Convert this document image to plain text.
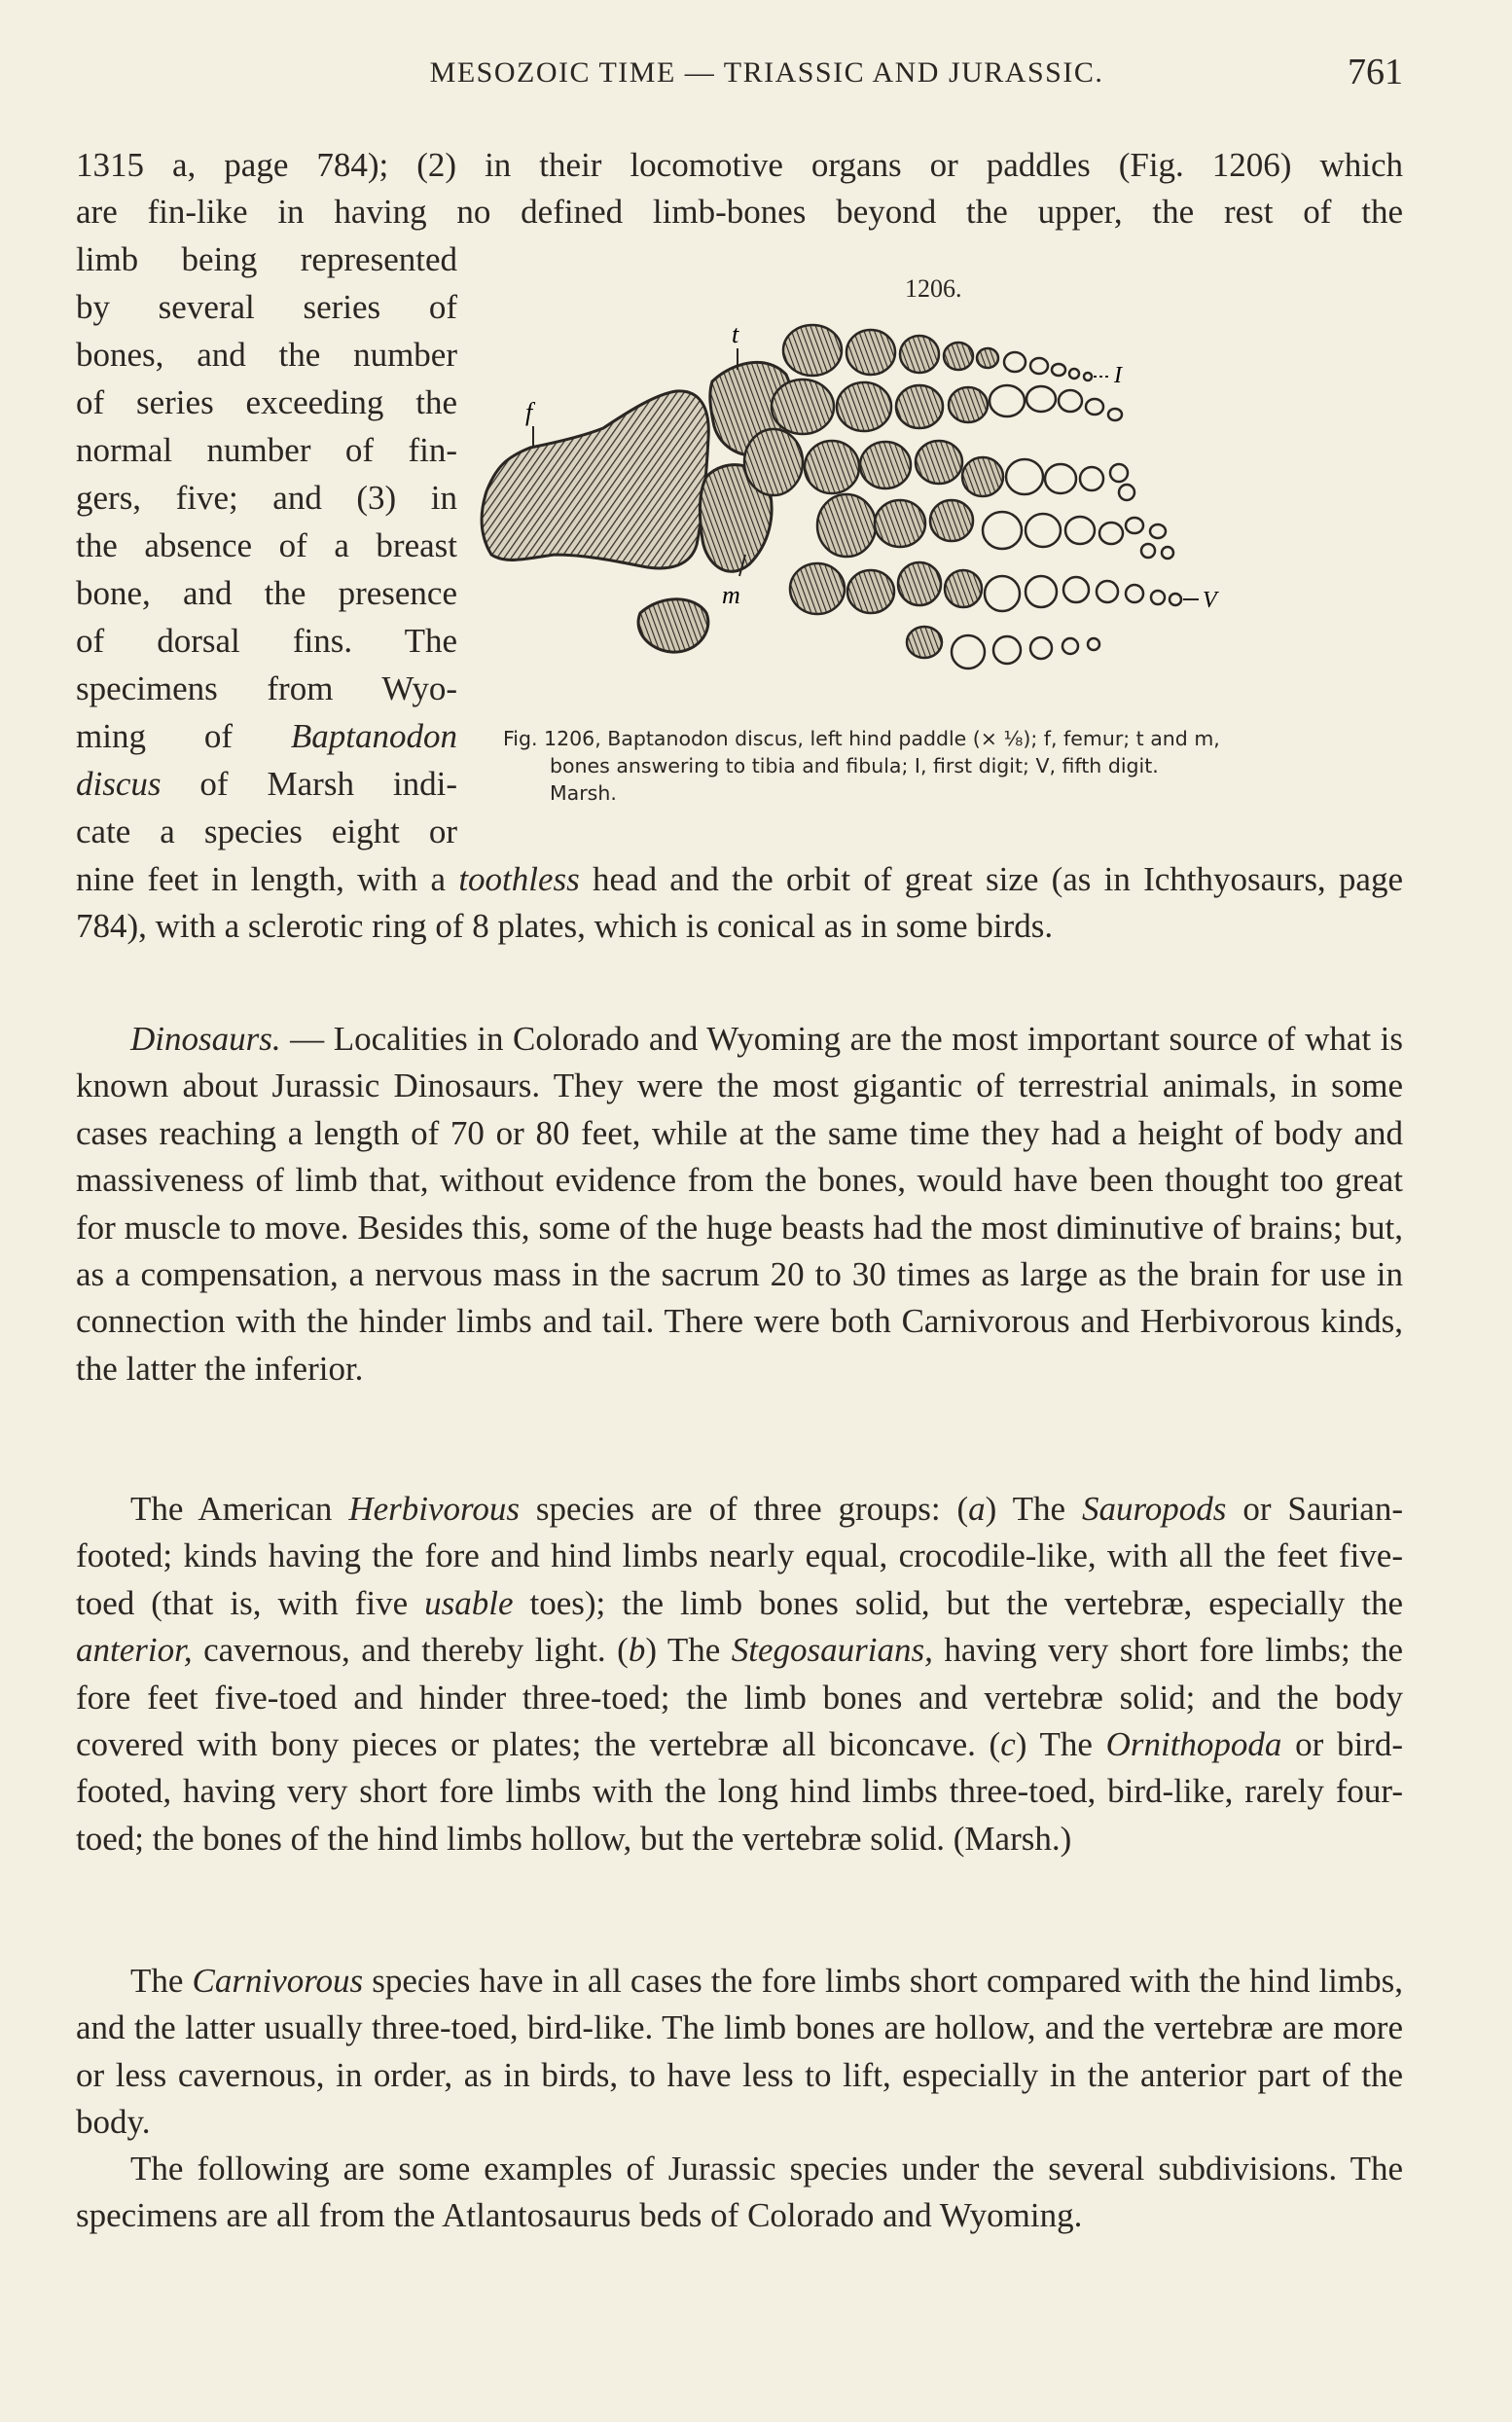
MESOZOIC TIME — TRIASSIC AND JURASSIC.	761

1315 a, page 784); (2) in their locomotive organs or paddles (Fig. 1206) which

are fin-like in having no defined limb-bones beyond the upper, the rest of the

limb being represented

by several series of

bones, and the number

of series exceeding the

normal number of fin-

gers, five; and (3) in

the absence of a breast

bone, and the presence

of dorsal fins. The

specimens from Wyo-

ming of Baptanodon

discus of Marsh indi-

cate a species eight or

nine feet in length, with a toothless head and the orbit of great size (as in Ichthyosaurs, page 784), with a sclerotic ring of 8 plates, which is conical as in some birds.

1206.
f
t
m
I
V
Fig. 1206, Baptanodon discus, left hind paddle (× ⅛); f, femur; t and m,
bones answering to tibia and fibula; I, first digit; V, fifth digit.
Marsh.

Dinosaurs. — Localities in Colorado and Wyoming are the most important source of what is known about Jurassic Dinosaurs. They were the most gigantic of terrestrial animals, in some cases reaching a length of 70 or 80 feet, while at the same time they had a height of body and massiveness of limb that, without evidence from the bones, would have been thought too great for muscle to move. Besides this, some of the huge beasts had the most diminutive of brains; but, as a compensation, a nervous mass in the sacrum 20 to 30 times as large as the brain for use in connection with the hinder limbs and tail. There were both Carnivorous and Herbivorous kinds, the latter the inferior.

The American Herbivorous species are of three groups: (a) The Sauropods or Saurian-footed; kinds having the fore and hind limbs nearly equal, crocodile-like, with all the feet five-toed (that is, with five usable toes); the limb bones solid, but the vertebræ, especially the anterior, cavernous, and thereby light. (b) The Stegosaurians, having very short fore limbs; the fore feet five-toed and hinder three-toed; the limb bones and vertebræ solid; and the body covered with bony pieces or plates; the vertebræ all biconcave. (c) The Ornithopoda or bird-footed, having very short fore limbs with the long hind limbs three-toed, bird-like, rarely four-toed; the bones of the hind limbs hollow, but the vertebræ solid. (Marsh.)

The Carnivorous species have in all cases the fore limbs short compared with the hind limbs, and the latter usually three-toed, bird-like. The limb bones are hollow, and the vertebræ are more or less cavernous, in order, as in birds, to have less to lift, especially in the anterior part of the body.

The following are some examples of Jurassic species under the several subdivisions. The specimens are all from the Atlantosaurus beds of Colorado and Wyoming.
